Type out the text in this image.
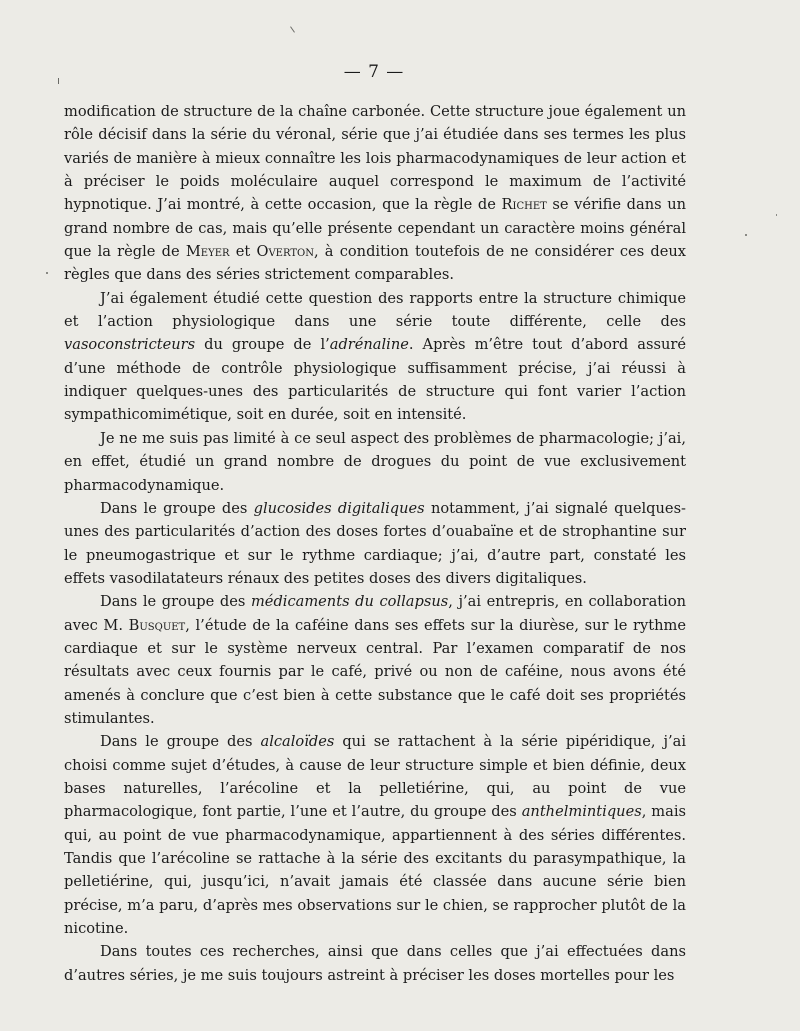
— 7 —

modification de structure de la chaîne carbonée. Cette structure joue également un rôle décisif dans la série du véronal, série que j’ai étudiée dans ses termes les plus variés de manière à mieux connaître les lois pharmacodynamiques de leur action et à préciser le poids moléculaire auquel correspond le maximum de l’activité hypnotique. J’ai montré, à cette occasion, que la règle de Richet se vérifie dans un grand nombre de cas, mais qu’elle présente cependant un caractère moins général que la règle de Meyer et Overton, à condition toutefois de ne considérer ces deux règles que dans des séries strictement comparables.

J’ai également étudié cette question des rapports entre la structure chimique et l’action physiologique dans une série toute différente, celle des vasoconstricteurs du groupe de l’adrénaline. Après m’être tout d’abord assuré d’une méthode de contrôle physiologique suffisamment précise, j’ai réussi à indiquer quelques-unes des particularités de structure qui font varier l’action sympathicomimétique, soit en durée, soit en intensité.

Je ne me suis pas limité à ce seul aspect des problèmes de pharmacologie; j’ai, en effet, étudié un grand nombre de drogues du point de vue exclusivement pharmacodynamique.

Dans le groupe des glucosides digitaliques notamment, j’ai signalé quelques-unes des particularités d’action des doses fortes d’ouabaïne et de strophantine sur le pneumogastrique et sur le rythme cardiaque; j’ai, d’autre part, constaté les effets vasodilatateurs rénaux des petites doses des divers digitaliques.

Dans le groupe des médicaments du collapsus, j’ai entrepris, en collaboration avec M. Busquet, l’étude de la caféine dans ses effets sur la diurèse, sur le rythme cardiaque et sur le système nerveux central. Par l’examen comparatif de nos résultats avec ceux fournis par le café, privé ou non de caféine, nous avons été amenés à conclure que c’est bien à cette substance que le café doit ses propriétés stimulantes.

Dans le groupe des alcaloïdes qui se rattachent à la série pipéridique, j’ai choisi comme sujet d’études, à cause de leur structure simple et bien définie, deux bases naturelles, l’arécoline et la pelletiérine, qui, au point de vue pharmacologique, font partie, l’une et l’autre, du groupe des anthelmintiques, mais qui, au point de vue pharmacodynamique, appartiennent à des séries différentes. Tandis que l’arécoline se rattache à la série des excitants du parasympathique, la pelletiérine, qui, jusqu’ici, n’avait jamais été classée dans aucune série bien précise, m’a paru, d’après mes observations sur le chien, se rapprocher plutôt de la nicotine.

Dans toutes ces recherches, ainsi que dans celles que j’ai effectuées dans d’autres séries, je me suis toujours astreint à préciser les doses mortelles pour les
